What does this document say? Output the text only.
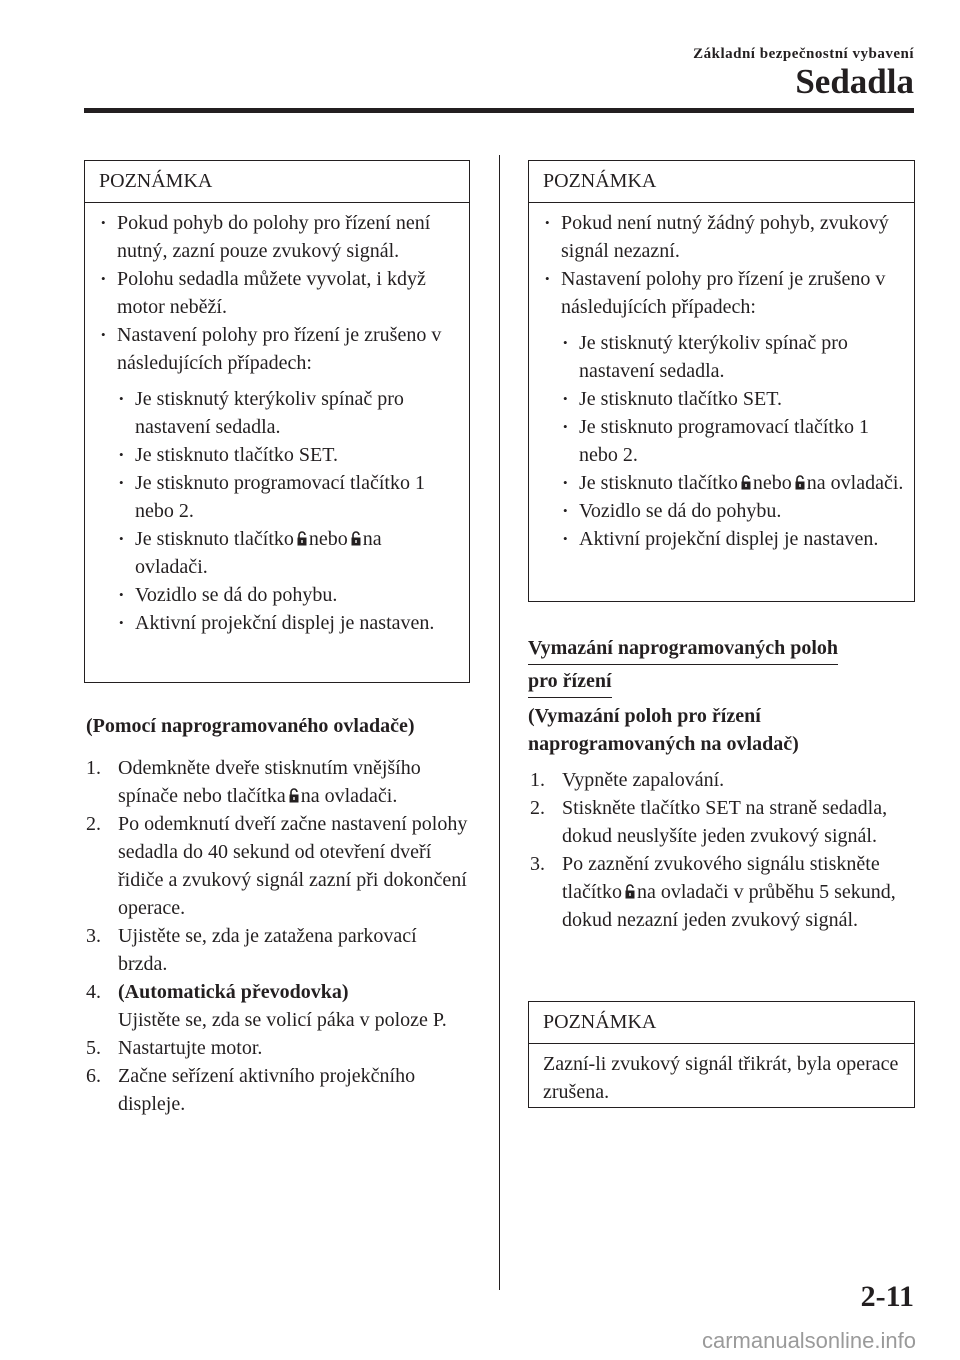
Základní bezpečnostní vybavení
Sedadla
POZNÁMKA
• Pokud pohyb do polohy pro řízení není nutný, zazní pouze zvukový signál.
• Polohu sedadla můžete vyvolat, i když motor neběží.
• Nastavení polohy pro řízení je zrušeno v následujících případech:
• Je stisknutý kterýkoliv spínač pro nastavení sedadla.
• Je stisknuto tlačítko SET.
• Je stisknuto programovací tlačítko 1 nebo 2.
• Je stisknuto tlačítko nebo na ovladači.
• Vozidlo se dá do pohybu.
• Aktivní projekční displej je nastaven.
(Pomocí naprogramovaného ovladače)
1. Odemkněte dveře stisknutím vnějšího spínače nebo tlačítka na ovladači.
2. Po odemknutí dveří začne nastavení polohy sedadla do 40 sekund od otevření dveří řidiče a zvukový signál zazní při dokončení operace.
3. Ujistěte se, zda je zatažena parkovací brzda.
4. (Automatická převodovka)
Ujistěte se, zda se volicí páka v poloze P.
5. Nastartujte motor.
6. Začne seřízení aktivního projekčního displeje.
POZNÁMKA
• Pokud není nutný žádný pohyb, zvukový signál nezazní.
• Nastavení polohy pro řízení je zrušeno v následujících případech:
• Je stisknutý kterýkoliv spínač pro nastavení sedadla.
• Je stisknuto tlačítko SET.
• Je stisknuto programovací tlačítko 1 nebo 2.
• Je stisknuto tlačítko nebo na ovladači.
• Vozidlo se dá do pohybu.
• Aktivní projekční displej je nastaven.
Vymazání naprogramovaných poloh
pro řízení
(Vymazání poloh pro řízení
naprogramovaných na ovladač)
1. Vypněte zapalování.
2. Stiskněte tlačítko SET na straně sedadla, dokud neuslyšíte jeden zvukový signál.
3. Po zaznění zvukového signálu stiskněte tlačítko na ovladači v průběhu 5 sekund, dokud nezazní jeden zvukový signál.
POZNÁMKA
Zazní-li zvukový signál třikrát, byla operace zrušena.
2-11
carmanualsonline.info
